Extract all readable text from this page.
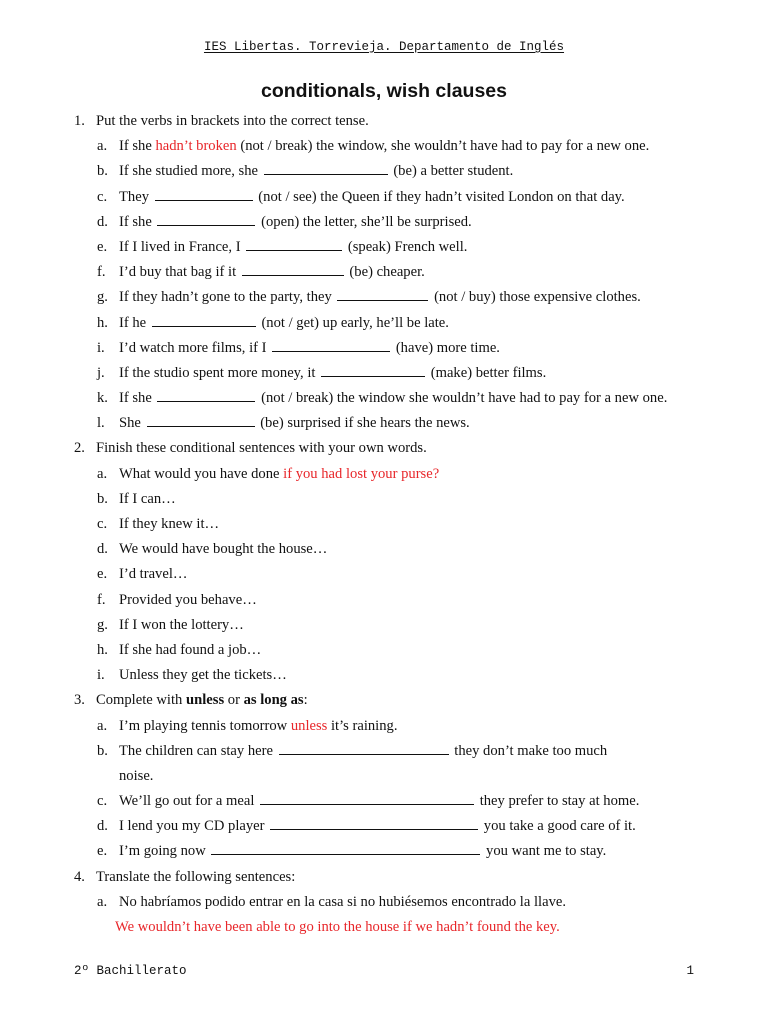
IES Libertas. Torrevieja. Departamento de Inglés
conditionals, wish clauses
1. Put the verbs in brackets into the correct tense.
a. If she hadn’t broken (not / break) the window, she wouldn’t have had to pay for a new one.
b. If she studied more, she	(be) a better student.
c. They	(not / see) the Queen if they hadn’t visited London on that day.
d. If she	(open) the letter, she’ll be surprised.
e. If I lived in France, I	(speak) French well.
f. I’d buy that bag if it	(be) cheaper.
g. If they hadn’t gone to the party, they	(not / buy) those expensive clothes.
h. If he	(not / get) up early, he’ll be late.
i. I’d watch more films, if I	(have) more time.
j. If the studio spent more money, it	(make) better films.
k. If she	(not / break) the window she wouldn’t have had to pay for a new one.
l. She	(be) surprised if she hears the news.
2. Finish these conditional sentences with your own words.
a. What would you have done if you had lost your purse?
b. If I can…
c. If they knew it…
d. We would have bought the house…
e. I’d travel…
f. Provided you behave…
g. If I won the lottery…
h. If she had found a job…
i. Unless they get the tickets…
3. Complete with unless or as long as:
a. I’m playing tennis tomorrow unless it’s raining.
b. The children can stay here	they don’t make too much
noise.
c. We’ll go out for a meal	they prefer to stay at home.
d. I lend you my CD player	you take a good care of it.
e. I’m going now	you want me to stay.
4. Translate the following sentences:
a. No habríamos podido entrar en la casa si no hubiésemos encontrado la llave.
We wouldn’t have been able to go into the house if we hadn’t found the key.
2º Bachillerato	1
